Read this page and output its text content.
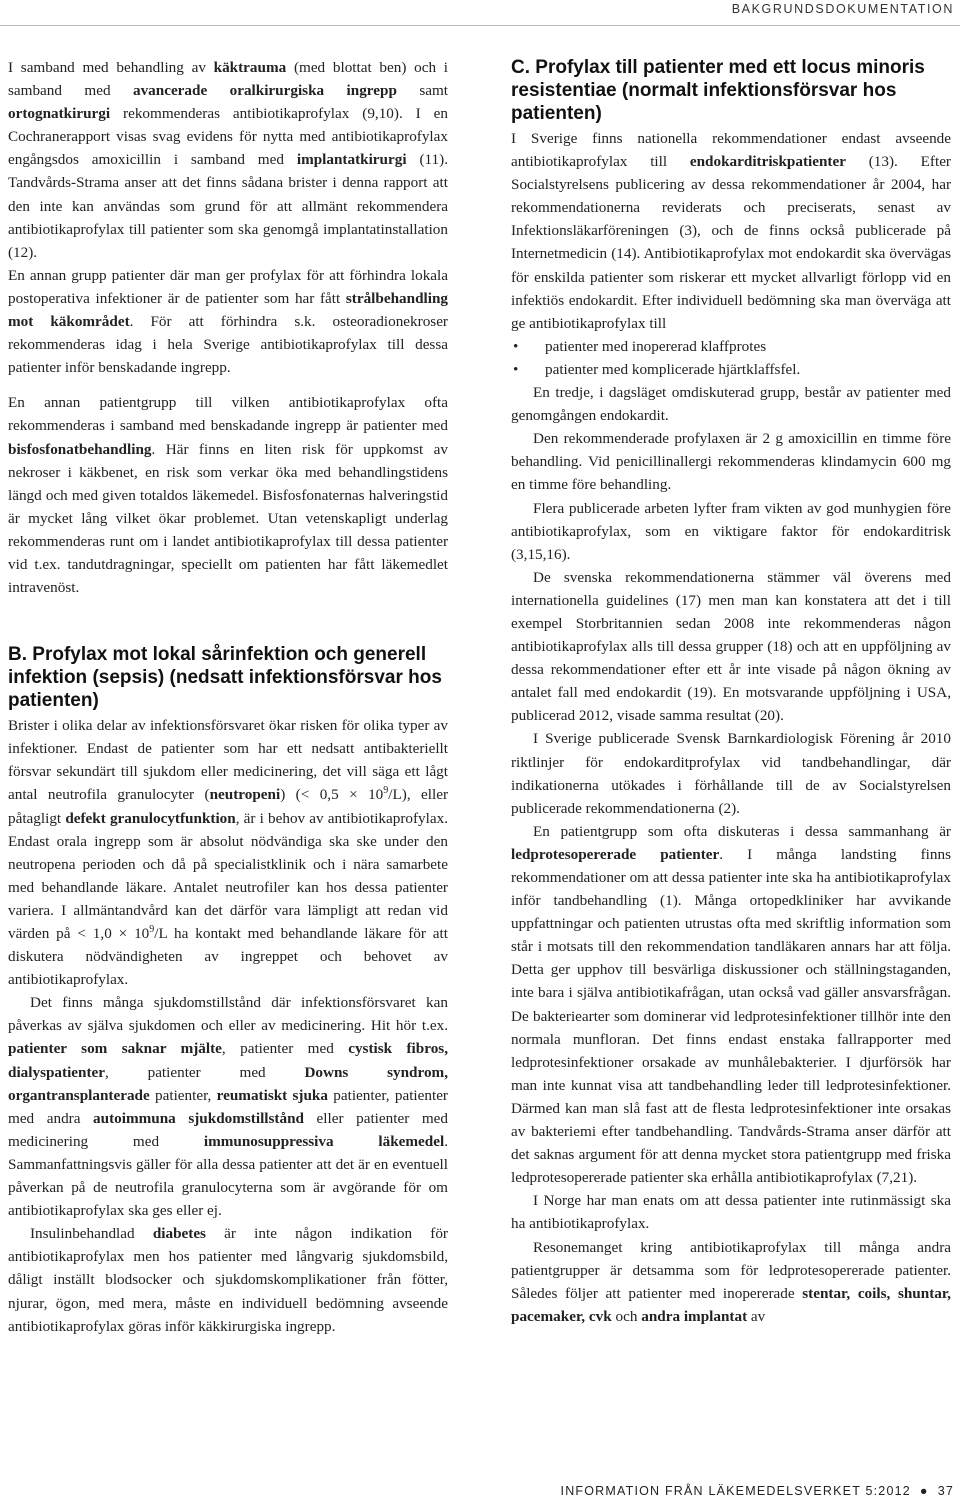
BAKGRUNDSDOKUMENTATION

I samband med behandling av käktrauma (med blottat ben) och i samband med avancerade oralkirurgiska ingrepp samt ortognatkirurgi rekommenderas antibiotikaprofylax (9,10). I en Cochranerapport visas svag evidens för nytta med antibiotikaprofylax engångsdos amoxicillin i samband med implantatkirurgi (11). Tandvårds-Strama anser att det finns sådana brister i denna rapport att den inte kan användas som grund för att allmänt rekommendera antibiotikaprofylax till patienter som ska genomgå implantatinstallation (12).

En annan grupp patienter där man ger profylax för att förhindra lokala postoperativa infektioner är de patienter som har fått strålbehandling mot käkområdet. För att förhindra s.k. osteoradionekroser rekommenderas idag i hela Sverige antibiotikaprofylax till dessa patienter inför benskadande ingrepp.

En annan patientgrupp till vilken antibiotikaprofylax ofta rekommenderas i samband med benskadande ingrepp är patienter med bisfosfonatbehandling. Här finns en liten risk för uppkomst av nekroser i käkbenet, en risk som verkar öka med behandlingstidens längd och med given totaldos läkemedel. Bisfosfonaternas halveringstid är mycket lång vilket ökar problemet. Utan vetenskapligt underlag rekommenderas runt om i landet antibiotikaprofylax till dessa patienter vid t.ex. tandutdragningar, speciellt om patienten har fått läkemedlet intravenöst.

B. Profylax mot lokal sårinfektion och generell infektion (sepsis) (nedsatt infektionsförsvar hos patienten)

Brister i olika delar av infektionsförsvaret ökar risken för olika typer av infektioner. Endast de patienter som har ett nedsatt antibakteriellt försvar sekundärt till sjukdom eller medicinering, det vill säga ett lågt antal neutrofila granulocyter (neutropeni) (< $0,5 \times 10^9/L$), eller påtagligt defekt granulocytfunktion, är i behov av antibiotikaprofylax. Endast orala ingrepp som är absolut nödvändiga ska ske under den neutropena perioden och då på specialistklinik och i nära samarbete med behandlande läkare. Antalet neutrofiler kan hos dessa patienter variera. I allmäntandvård kan det därför vara lämpligt att redan vid värden på < $1,0 \times 10^9/L$ ha kontakt med behandlande läkare för att diskutera nödvändigheten av ingreppet och behovet av antibiotikaprofylax.

Det finns många sjukdomstillstånd där infektionsförsvaret kan påverkas av själva sjukdomen och eller av medicinering. Hit hör t.ex. patienter som saknar mjälte, patienter med cystisk fibros, dialyspatienter, patienter med Downs syndrom, organtransplanterade patienter, reumatiskt sjuka patienter, patienter med andra autoimmuna sjukdomstillstånd eller patienter med medicinering med immunosuppressiva läkemedel. Sammanfattningsvis gäller för alla dessa patienter att det är en eventuell påverkan på de neutrofila granulocyterna som är avgörande för om antibiotikaprofylax ska ges eller ej.

Insulinbehandlad diabetes är inte någon indikation för antibiotikaprofylax men hos patienter med långvarig sjukdomsbild, dåligt inställt blodsocker och sjukdomskomplikationer från fötter, njurar, ögon, med mera, måste en individuell bedömning avseende antibiotikaprofylax göras inför käkkirurgiska ingrepp.

C. Profylax till patienter med ett locus minoris resistentiae (normalt infektionsförsvar hos patienten)

I Sverige finns nationella rekommendationer endast avseende antibiotikaprofylax till endokarditriskpatienter (13). Efter Socialstyrelsens publicering av dessa rekommendationer år 2004, har rekommendationerna reviderats och preciserats, senast av Infektionsläkarföreningen (3), och de finns också publicerade på Internetmedicin (14). Antibiotikaprofylax mot endokardit ska övervägas för enskilda patienter som riskerar ett mycket allvarligt förlopp vid en infektiös endokardit. Efter individuell bedömning ska man överväga att ge antibiotikaprofylax till

• patienter med inopererad klaffprotes
• patienter med komplicerade hjärtklaffsfel.

En tredje, i dagsläget omdiskuterad grupp, består av patienter med genomgången endokardit.

Den rekommenderade profylaxen är 2 g amoxicillin en timme före behandling. Vid penicillinallergi rekommenderas klindamycin 600 mg en timme före behandling.

Flera publicerade arbeten lyfter fram vikten av god munhygien före antibiotikaprofylax, som en viktigare faktor för endokarditrisk (3,15,16).

De svenska rekommendationerna stämmer väl överens med internationella guidelines (17) men man kan konstatera att det i till exempel Storbritannien sedan 2008 inte rekommenderas någon antibiotikaprofylax alls till dessa grupper (18) och att en uppföljning av dessa rekommendationer efter ett år inte visade på någon ökning av antalet fall med endokardit (19). En motsvarande uppföljning i USA, publicerad 2012, visade samma resultat (20).

I Sverige publicerade Svensk Barnkardiologisk Förening år 2010 riktlinjer för endokarditprofylax vid tandbehandlingar, där indikationerna utökades i förhållande till de av Socialstyrelsen publicerade rekommendationerna (2).

En patientgrupp som ofta diskuteras i dessa sammanhang är ledprotesopererade patienter. I många landsting finns rekommendationer om att dessa patienter inte ska ha antibiotikaprofylax inför tandbehandling (1). Många ortopedkliniker har avvikande uppfattningar och patienten utrustas ofta med skriftlig information som står i motsats till den rekommendation tandläkaren annars har att följa. Detta ger upphov till besvärliga diskussioner och ställningstaganden, inte bara i själva antibiotikafrågan, utan också vad gäller ansvarsfrågan. De bakteriearter som dominerar vid ledprotesinfektioner tillhör inte den normala munfloran. Det finns endast enstaka fallrapporter med ledprotesinfektioner orsakade av munhålebakterier. I djurförsök har man inte kunnat visa att tandbehandling leder till ledprotesinfektioner. Därmed kan man slå fast att de flesta ledprotesinfektioner inte orsakas av bakteriemi efter tandbehandling. Tandvårds-Strama anser därför att det saknas argument för att denna mycket stora patientgrupp med friska ledprotesopererade patienter ska erhålla antibiotikaprofylax (7,21).

I Norge har man enats om att dessa patienter inte rutinmässigt ska ha antibiotikaprofylax.

Resonemanget kring antibiotikaprofylax till många andra patientgrupper är detsamma som för ledprotesopererade patienter. Således följer att patienter med inopererade stentar, coils, shuntar, pacemaker, cvk och andra implantat av

INFORMATION FRÅN LÄKEMEDELSVERKET 5:2012 ● 37
